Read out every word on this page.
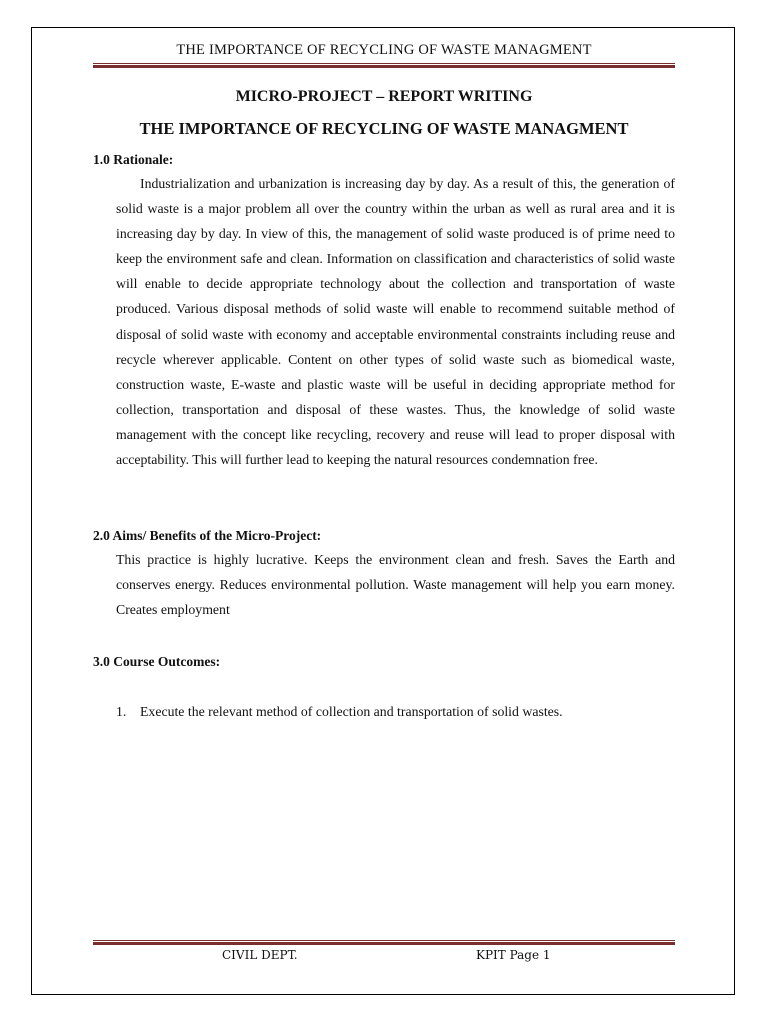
THE IMPORTANCE OF RECYCLING OF WASTE MANAGMENT
MICRO-PROJECT – REPORT WRITING
THE IMPORTANCE OF RECYCLING OF WASTE MANAGMENT
1.0 Rationale:
Industrialization and urbanization is increasing day by day. As a result of this, the generation of solid waste is a major problem all over the country within the urban as well as rural area and it is increasing day by day. In view of this, the management of solid waste produced is of prime need to keep the environment safe and clean. Information on classification and characteristics of solid waste will enable to decide appropriate technology about the collection and transportation of waste produced. Various disposal methods of solid waste will enable to recommend suitable method of disposal of solid waste with economy and acceptable environmental constraints including reuse and recycle wherever applicable. Content on other types of solid waste such as biomedical waste, construction waste, E-waste and plastic waste will be useful in deciding appropriate method for collection, transportation and disposal of these wastes. Thus, the knowledge of solid waste management with the concept like recycling, recovery and reuse will lead to proper disposal with acceptability. This will further lead to keeping the natural resources condemnation free.
2.0 Aims/ Benefits of the Micro-Project:
This practice is highly lucrative. Keeps the environment clean and fresh. Saves the Earth and conserves energy. Reduces environmental pollution. Waste management will help you earn money. Creates employment
3.0 Course Outcomes:
1. Execute the relevant method of collection and transportation of solid wastes.
CIVIL DEPT.	KPIT Page 1
